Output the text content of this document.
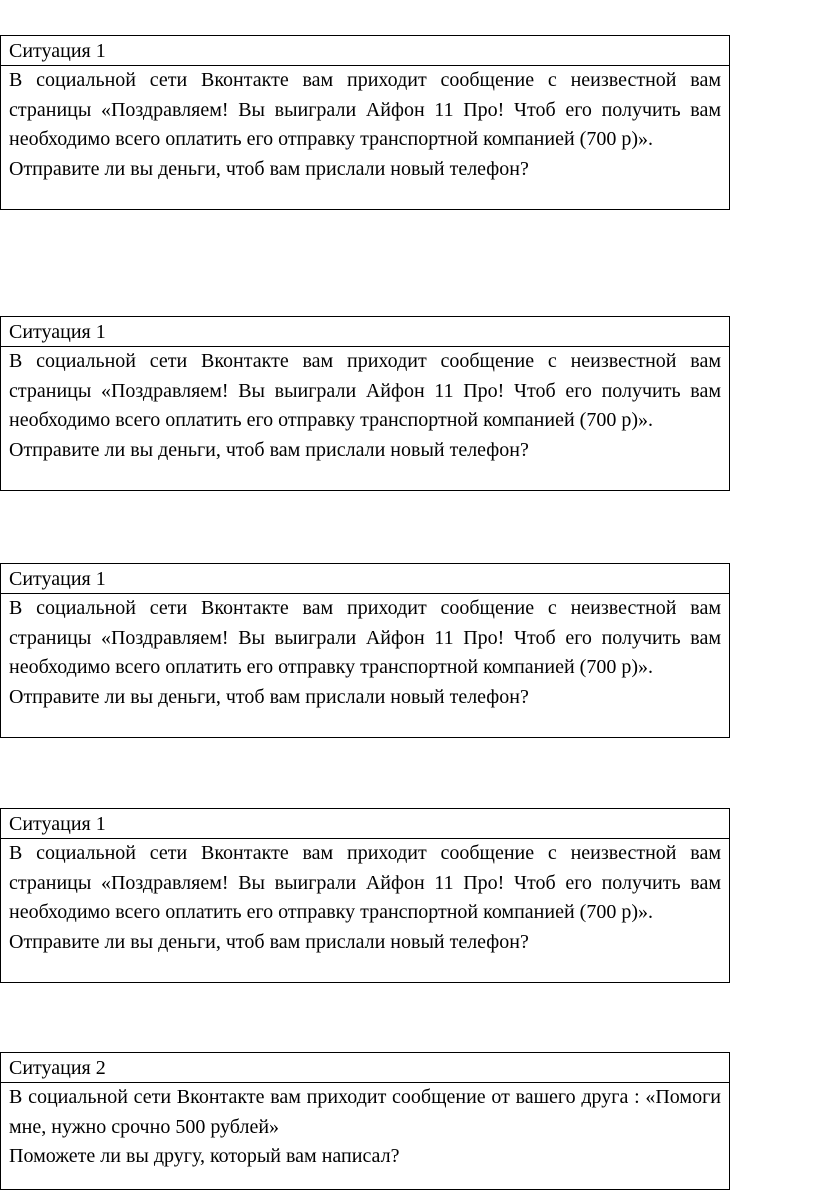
Ситуация 1

В социальной сети Вконтакте вам приходит сообщение с неизвестной вам страницы «Поздравляем! Вы выиграли Айфон 11 Про! Чтоб его получить вам необходимо всего оплатить его отправку транспортной компанией (700 р)».

Отправите ли вы деньги, чтоб вам прислали новый телефон?

Ситуация 1

В социальной сети Вконтакте вам приходит сообщение с неизвестной вам страницы «Поздравляем! Вы выиграли Айфон 11 Про! Чтоб его получить вам необходимо всего оплатить его отправку транспортной компанией (700 р)».

Отправите ли вы деньги, чтоб вам прислали новый телефон?

Ситуация 1

В социальной сети Вконтакте вам приходит сообщение с неизвестной вам страницы «Поздравляем! Вы выиграли Айфон 11 Про! Чтоб его получить вам необходимо всего оплатить его отправку транспортной компанией (700 р)».

Отправите ли вы деньги, чтоб вам прислали новый телефон?

Ситуация 1

В социальной сети Вконтакте вам приходит сообщение с неизвестной вам страницы «Поздравляем! Вы выиграли Айфон 11 Про! Чтоб его получить вам необходимо всего оплатить его отправку транспортной компанией (700 р)».

Отправите ли вы деньги, чтоб вам прислали новый телефон?

Ситуация 2

В социальной сети Вконтакте вам приходит сообщение от вашего друга : «Помоги мне, нужно срочно 500 рублей»

Поможете ли вы другу, который вам написал?
